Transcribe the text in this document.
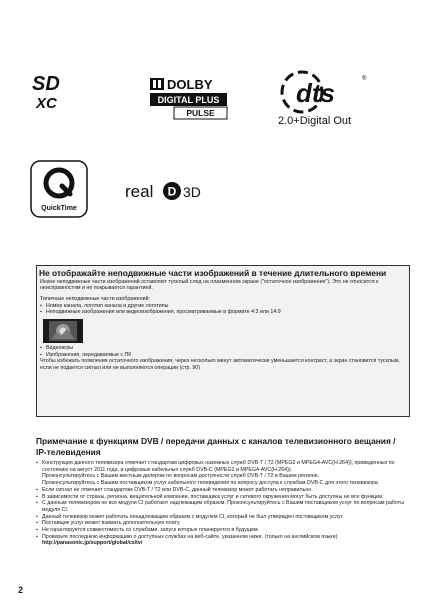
SD
XC
DOLBY
DIGITAL PLUS
PULSE
dts	®
2.0+Digital Out
QuickTime
real D 3D
Не отображайте неподвижные части изображений в течение длительного времени

Иначе неподвижные части изображений оставляют тусклый след на плазменном экране ("остаточное изображение"). Это не относится к неисправностям и не покрывается гарантией.

Типичные неподвижные части изображений:

▪ Номер канала, логотип канала и другие логотипы

▪ Неподвижные изображения или видеоизображения, просматриваемые в формате 4:3 или 14:9

▪ Видеоигры

▪ Изображения, передаваемые с ПК

Чтобы избежать появления остаточного изображения, через несколько минут автоматически уменьшается контраст, а экран становится тусклым, если не подается сигнал или не выполняются операции (стр. 90)

Примечание к функциям DVB / передачи данных с каналов телевизионного вещания / IP-телевидения

▪ Конструкция данного телевизора отвечает стандартам цифровых наземных служб DVB-T / T2 (MPEG2 и MPEG4-AVC(H.264)), приведенных по состоянию на август 2011 года, и цифровых кабельных служб DVB-C (MPEG2 и MPEG4-AVC(H.264)).

Проконсультируйтесь с Вашим местным дилером по вопросам доступности служб DVB-T / T2 в Вашем регионе.

Проконсультируйтесь с Вашим поставщиком услуг кабельного телевидения по вопросу доступа к службам DVB-C для этого телевизора.

▪ Если сигнал не отвечает стандартам DVB-T / T2 или DVB-C, данный телевизор может работать неправильно.

▪ В зависимости от страны, региона, вещательной компании, поставщика услуг и сетевого окружения могут быть доступны не все функции.

▪ С данным телевизором не все модули CI работают надлежащим образом. Проконсультируйтесь с Вашим поставщиком услуг по вопросам работы модуля CI.

▪ Данный телевизор может работать ненадлежащим образом с модулем CI, который не был утвержден поставщиком услуг.

▪ Поставщик услуг может взимать дополнительную плату.

▪ Не гарантируется совместимость со службами, запуск которых планируется в будущем.

▪ Проверьте последнюю информацию о доступных службах на веб-сайте, указанном ниже. (только на английском языке)

http://panasonic.jp/support/global/cs/tv/

2
